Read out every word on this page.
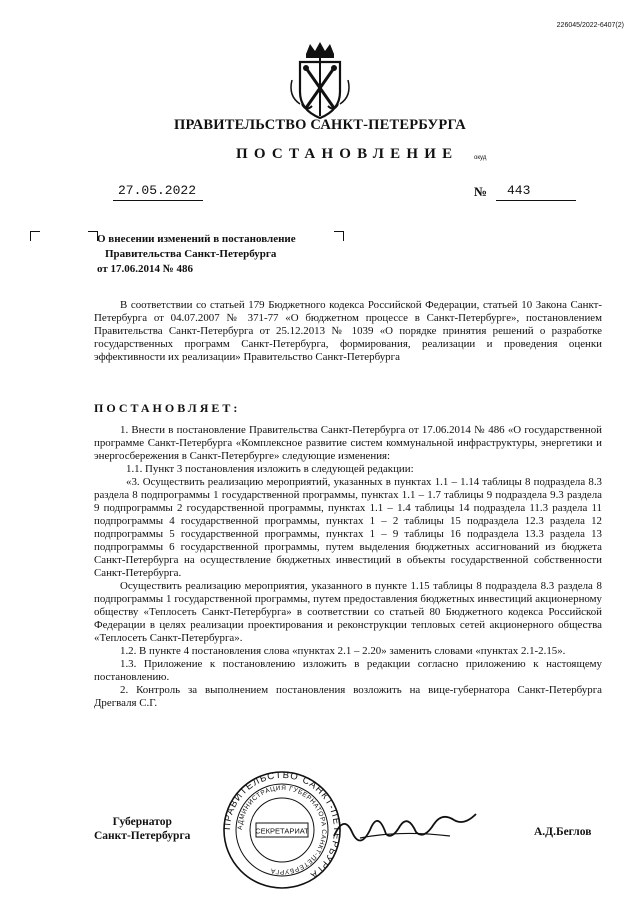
226045/2022-6407(2)
ПРАВИТЕЛЬСТВО САНКТ-ПЕТЕРБУРГА
ПОСТАНОВЛЕНИЕ	окуд
27.05.2022	№ 443
О внесении изменений в постановление
Правительства Санкт-Петербурга
от 17.06.2014 № 486

В соответствии со статьей 179 Бюджетного кодекса Российской Федерации, статьей 10 Закона Санкт-Петербурга от 04.07.2007 № 371-77 «О бюджетном процессе в Санкт-Петербурге», постановлением Правительства Санкт-Петербурга от 25.12.2013 № 1039 «О порядке принятия решений о разработке государственных программ Санкт-Петербурга, формирования, реализации и проведения оценки эффективности их реализации» Правительство Санкт-Петербурга

ПОСТАНОВЛЯЕТ:

1. Внести в постановление Правительства Санкт-Петербурга от 17.06.2014 № 486 «О государственной программе Санкт-Петербурга «Комплексное развитие систем коммунальной инфраструктуры, энергетики и энергосбережения в Санкт-Петербурге» следующие изменения:

1.1. Пункт 3 постановления изложить в следующей редакции:

«3. Осуществить реализацию мероприятий, указанных в пунктах 1.1 – 1.14 таблицы 8 подраздела 8.3 раздела 8 подпрограммы 1 государственной программы, пунктах 1.1 – 1.7 таблицы 9 подраздела 9.3 раздела 9 подпрограммы 2 государственной программы, пунктах 1.1 – 1.4 таблицы 14 подраздела 11.3 раздела 11 подпрограммы 4 государственной программы, пунктах 1 – 2 таблицы 15 подраздела 12.3 раздела 12 подпрограммы 5 государственной программы, пунктах 1 – 9 таблицы 16 подраздела 13.3 раздела 13 подпрограммы 6 государственной программы, путем выделения бюджетных ассигнований из бюджета Санкт-Петербурга на осуществление бюджетных инвестиций в объекты государственной собственности Санкт-Петербурга.

Осуществить реализацию мероприятия, указанного в пункте 1.15 таблицы 8 подраздела 8.3 раздела 8 подпрограммы 1 государственной программы, путем предоставления бюджетных инвестиций акционерному обществу «Теплосеть Санкт-Петербурга» в соответствии со статьей 80 Бюджетного кодекса Российской Федерации в целях реализации проектирования и реконструкции тепловых сетей акционерного общества «Теплосеть Санкт-Петербурга».

1.2. В пункте 4 постановления слова «пунктах 2.1 – 2.20» заменить словами «пунктах 2.1-2.15».

1.3. Приложение к постановлению изложить в редакции согласно приложению к настоящему постановлению.

2. Контроль за выполнением постановления возложить на вице-губернатора Санкт-Петербурга Дрегваля С.Г.

ПРАВИТЕЛЬСТВО САНКТ-ПЕТЕРБУРГА
АДМИНИСТРАЦИЯ ГУБЕРНАТОРА САНКТ-ПЕТЕРБУРГА
СЕКРЕТАРИАТ
Губернатор
Санкт-Петербурга	А.Д.Беглов
